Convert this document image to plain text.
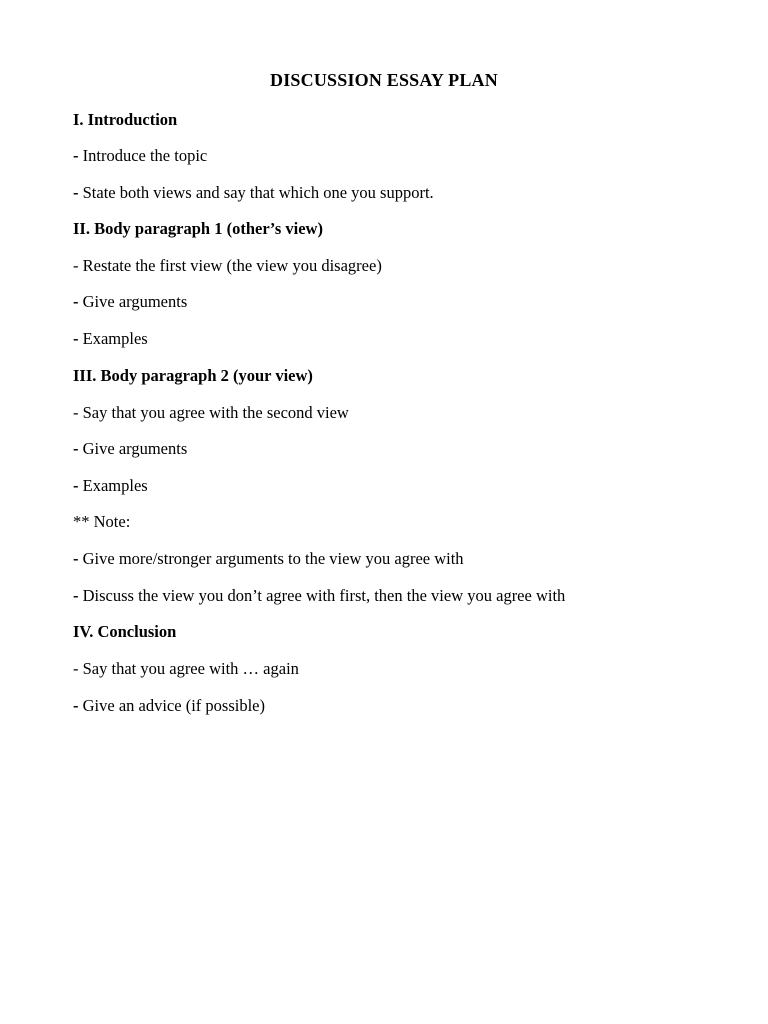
DISCUSSION ESSAY PLAN
I. Introduction
- Introduce the topic
- State both views and say that which one you support.
II. Body paragraph 1 (other’s view)
- Restate the first view (the view you disagree)
- Give arguments
- Examples
III. Body paragraph 2 (your view)
- Say that you agree with the second view
- Give arguments
- Examples
** Note:
- Give more/stronger arguments to the view you agree with
- Discuss the view you don’t agree with first, then the view you agree with
IV. Conclusion
- Say that you agree with … again
- Give an advice (if possible)
